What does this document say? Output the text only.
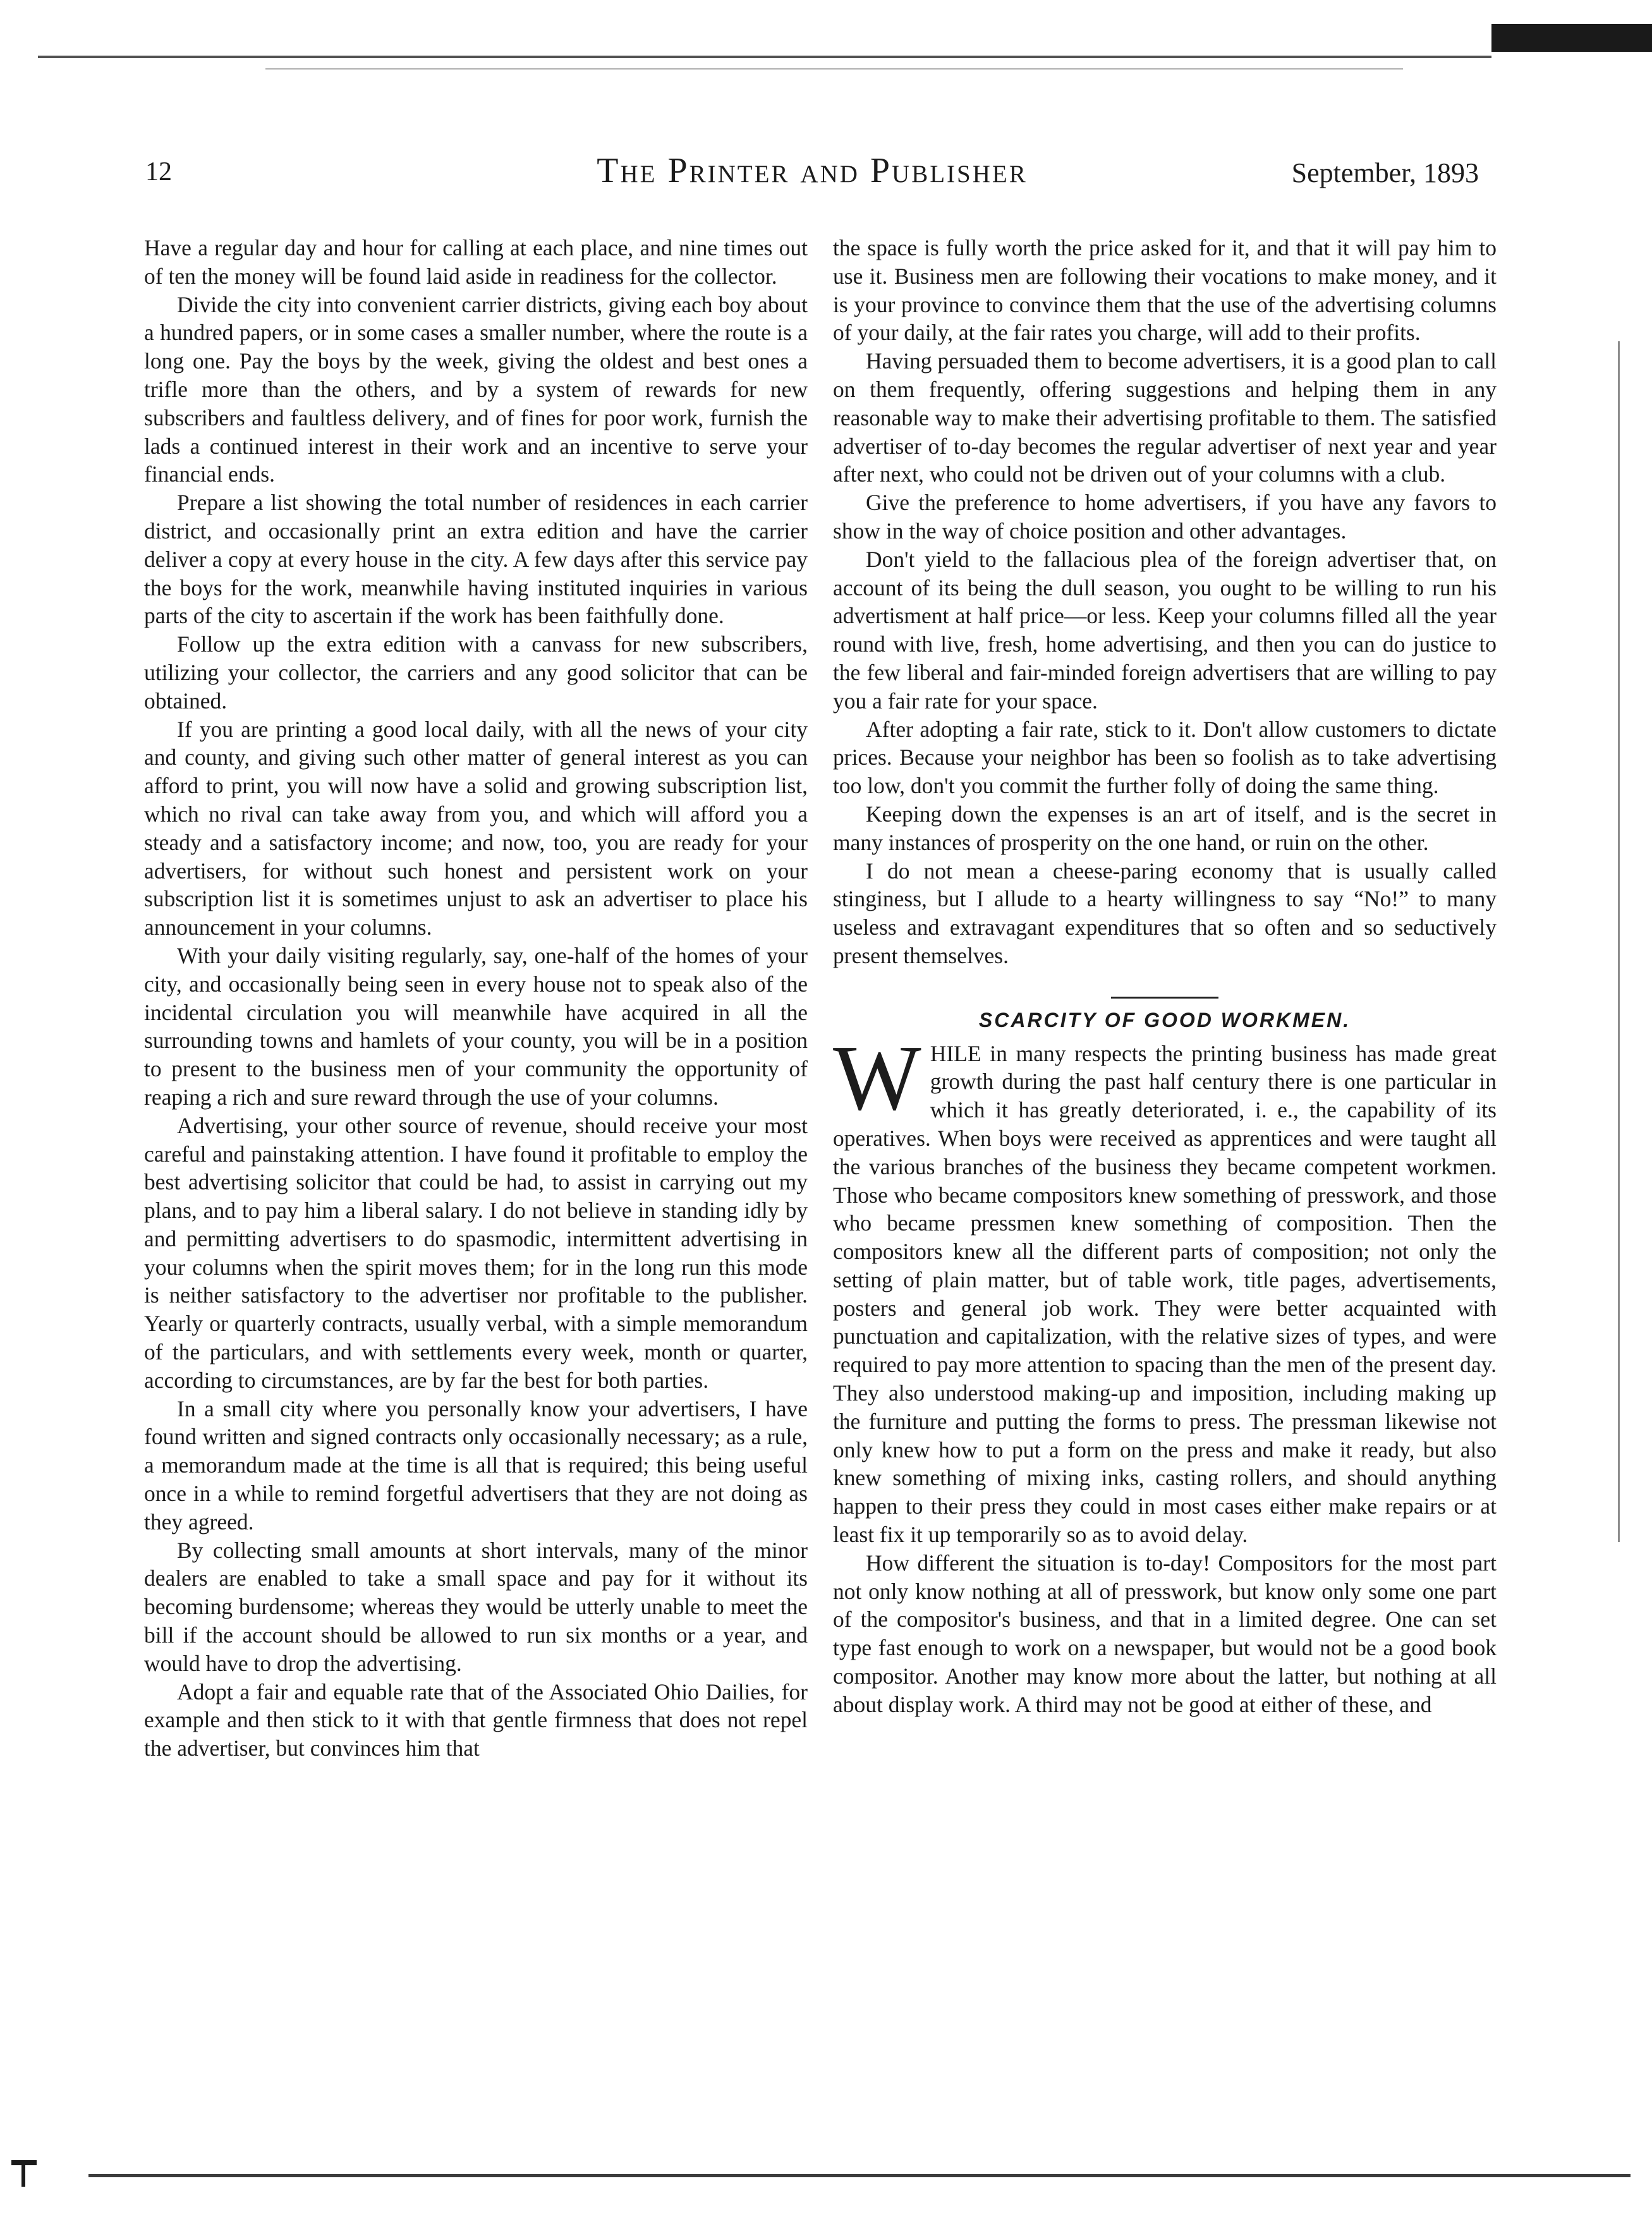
12	The Printer and Publisher	September, 1893

Have a regular day and hour for calling at each place, and nine times out of ten the money will be found laid aside in readiness for the collector.

Divide the city into convenient carrier districts, giving each boy about a hundred papers, or in some cases a smaller number, where the route is a long one. Pay the boys by the week, giving the oldest and best ones a trifle more than the others, and by a system of rewards for new subscribers and faultless delivery, and of fines for poor work, furnish the lads a continued interest in their work and an incentive to serve your financial ends.

Prepare a list showing the total number of residences in each carrier district, and occasionally print an extra edition and have the carrier deliver a copy at every house in the city. A few days after this service pay the boys for the work, meanwhile having instituted inquiries in various parts of the city to ascertain if the work has been faithfully done.

Follow up the extra edition with a canvass for new subscribers, utilizing your collector, the carriers and any good solicitor that can be obtained.

If you are printing a good local daily, with all the news of your city and county, and giving such other matter of general interest as you can afford to print, you will now have a solid and growing subscription list, which no rival can take away from you, and which will afford you a steady and a satisfactory income; and now, too, you are ready for your advertisers, for without such honest and persistent work on your subscription list it is sometimes unjust to ask an advertiser to place his announcement in your columns.

With your daily visiting regularly, say, one-half of the homes of your city, and occasionally being seen in every house not to speak also of the incidental circulation you will meanwhile have acquired in all the surrounding towns and hamlets of your county, you will be in a position to present to the business men of your community the opportunity of reaping a rich and sure reward through the use of your columns.

Advertising, your other source of revenue, should receive your most careful and painstaking attention. I have found it profitable to employ the best advertising solicitor that could be had, to assist in carrying out my plans, and to pay him a liberal salary. I do not believe in standing idly by and permitting advertisers to do spasmodic, intermittent advertising in your columns when the spirit moves them; for in the long run this mode is neither satisfactory to the advertiser nor profitable to the publisher. Yearly or quarterly contracts, usually verbal, with a simple memorandum of the particulars, and with settlements every week, month or quarter, according to circumstances, are by far the best for both parties.

In a small city where you personally know your advertisers, I have found written and signed contracts only occasionally necessary; as a rule, a memorandum made at the time is all that is required; this being useful once in a while to remind forgetful advertisers that they are not doing as they agreed.

By collecting small amounts at short intervals, many of the minor dealers are enabled to take a small space and pay for it without its becoming burdensome; whereas they would be utterly unable to meet the bill if the account should be allowed to run six months or a year, and would have to drop the advertising.

Adopt a fair and equable rate that of the Associated Ohio Dailies, for example and then stick to it with that gentle firmness that does not repel the advertiser, but convinces him that

the space is fully worth the price asked for it, and that it will pay him to use it. Business men are following their vocations to make money, and it is your province to convince them that the use of the advertising columns of your daily, at the fair rates you charge, will add to their profits.

Having persuaded them to become advertisers, it is a good plan to call on them frequently, offering suggestions and helping them in any reasonable way to make their advertising profitable to them. The satisfied advertiser of to-day becomes the regular advertiser of next year and year after next, who could not be driven out of your columns with a club.

Give the preference to home advertisers, if you have any favors to show in the way of choice position and other advantages.

Don't yield to the fallacious plea of the foreign advertiser that, on account of its being the dull season, you ought to be willing to run his advertisment at half price—or less. Keep your columns filled all the year round with live, fresh, home advertising, and then you can do justice to the few liberal and fair-minded foreign advertisers that are willing to pay you a fair rate for your space.

After adopting a fair rate, stick to it. Don't allow customers to dictate prices. Because your neighbor has been so foolish as to take advertising too low, don't you commit the further folly of doing the same thing.

Keeping down the expenses is an art of itself, and is the secret in many instances of prosperity on the one hand, or ruin on the other.

I do not mean a cheese-paring economy that is usually called stinginess, but I allude to a hearty willingness to say “No!” to many useless and extravagant expenditures that so often and so seductively present themselves.

SCARCITY OF GOOD WORKMEN.

WHILE in many respects the printing business has made great growth during the past half century there is one particular in which it has greatly deteriorated, i. e., the capability of its operatives. When boys were received as apprentices and were taught all the various branches of the business they became competent workmen. Those who became compositors knew something of presswork, and those who became pressmen knew something of composition. Then the compositors knew all the different parts of composition; not only the setting of plain matter, but of table work, title pages, advertisements, posters and general job work. They were better acquainted with punctuation and capitalization, with the relative sizes of types, and were required to pay more attention to spacing than the men of the present day. They also understood making-up and imposition, including making up the furniture and putting the forms to press. The pressman likewise not only knew how to put a form on the press and make it ready, but also knew something of mixing inks, casting rollers, and should anything happen to their press they could in most cases either make repairs or at least fix it up temporarily so as to avoid delay.

How different the situation is to-day! Compositors for the most part not only know nothing at all of presswork, but know only some one part of the compositor's business, and that in a limited degree. One can set type fast enough to work on a newspaper, but would not be a good book compositor. Another may know more about the latter, but nothing at all about display work. A third may not be good at either of these, and
